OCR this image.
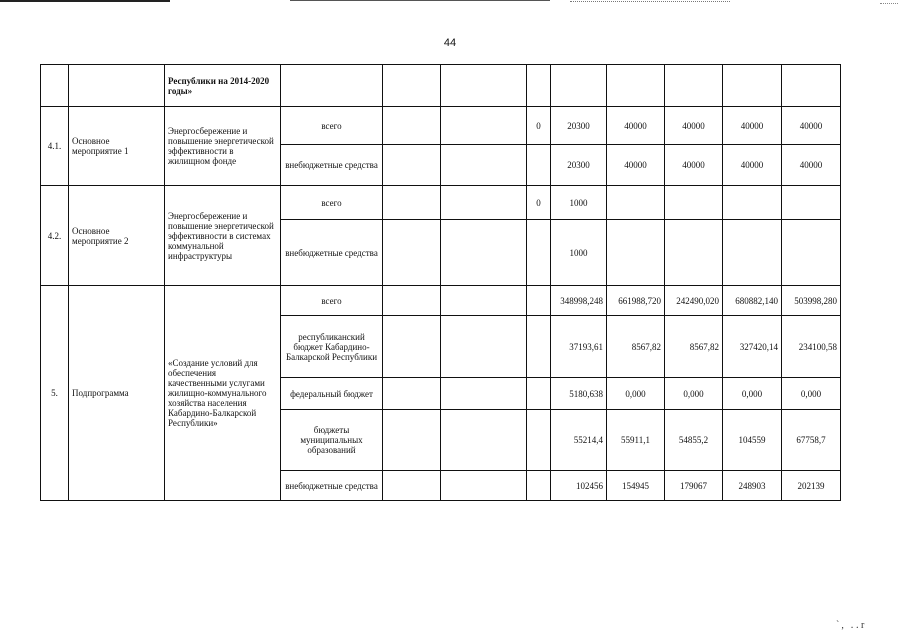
44
		Республики на 2014-2020 годы»									
4.1.	Основное мероприятие 1	Энергосбережение и повышение энергетической эффективности в жилищном фонде	всего			0	20300	40000	40000	40000	40000
			внебюджетные средства				20300	40000	40000	40000	40000
4.2.	Основное мероприятие 2	Энергосбережение и повышение энергетической эффективности в системах коммунальной инфраструктуры	всего			0	1000				
			внебюджетные средства				1000				
5.	Подпрограмма	«Создание условий для обеспечения качественными услугами жилищно-коммунального хозяйства населения Кабардино-Балкарской Республики»	всего				348998,248	661988,720	242490,020	680882,140	503998,280
			республиканский бюджет Кабардино-Балкарской Республики				37193,61	8567,82	8567,82	327420,14	234100,58
			федеральный бюджет				5180,638	0,000	0,000	0,000	0,000
			бюджеты муниципальных образований				55214,4	55911,1	54855,2	104559	67758,7
			внебюджетные средства				102456	154945	179067	248903	202139
ˋ, ․․r
